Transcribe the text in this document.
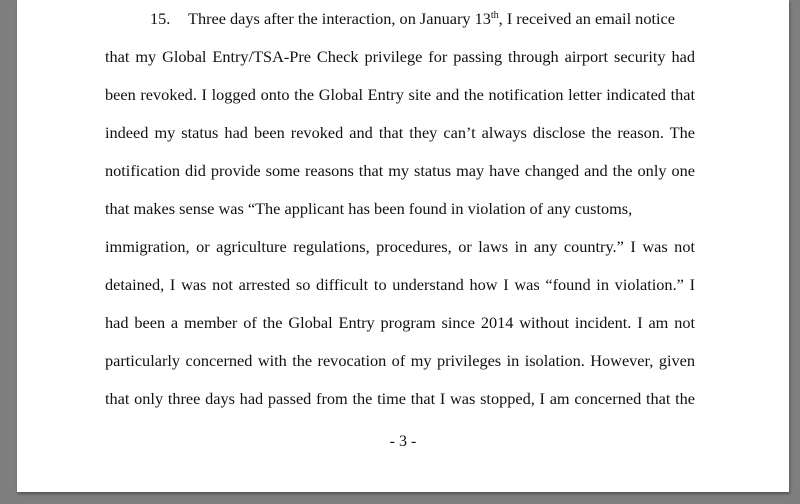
15. Three days after the interaction, on January 13th, I received an email notice
that my Global Entry/TSA-Pre Check privilege for passing through airport security had
been revoked. I logged onto the Global Entry site and the notification letter indicated that
indeed my status had been revoked and that they can’t always disclose the reason. The
notification did provide some reasons that my status may have changed and the only one
that makes sense was “The applicant has been found in violation of any customs,
immigration, or agriculture regulations, procedures, or laws in any country.” I was not
detained, I was not arrested so difficult to understand how I was “found in violation.” I
had been a member of the Global Entry program since 2014 without incident. I am not
particularly concerned with the revocation of my privileges in isolation. However, given
that only three days had passed from the time that I was stopped, I am concerned that the
- 3 -
